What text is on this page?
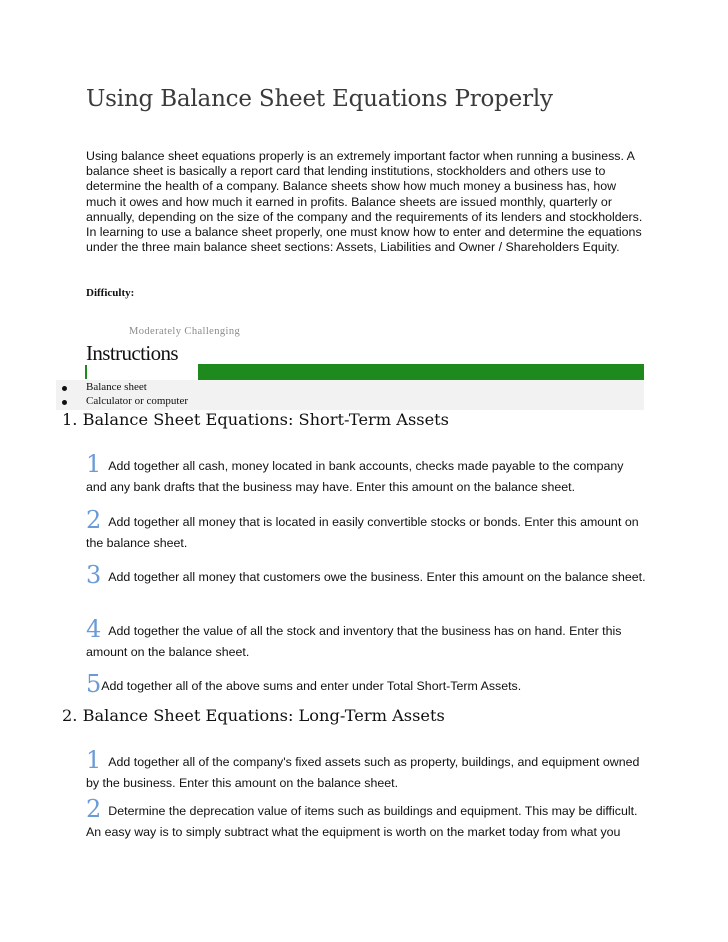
Using Balance Sheet Equations Properly

Using balance sheet equations properly is an extremely important factor when running a business. A balance sheet is basically a report card that lending institutions, stockholders and others use to determine the health of a company. Balance sheets show how much money a business has, how much it owes and how much it earned in profits. Balance sheets are issued monthly, quarterly or annually, depending on the size of the company and the requirements of its lenders and stockholders. In learning to use a balance sheet properly, one must know how to enter and determine the equations under the three main balance sheet sections: Assets, Liabilities and Owner / Shareholders Equity.

Difficulty:

Moderately Challenging
Instructions
Balance sheet
Calculator or computer
1. Balance Sheet Equations: Short-Term Assets

1 Add together all cash, money located in bank accounts, checks made payable to the company and any bank drafts that the business may have. Enter this amount on the balance sheet.

2 Add together all money that is located in easily convertible stocks or bonds. Enter this amount on the balance sheet.

3 Add together all money that customers owe the business. Enter this amount on the balance sheet.

4 Add together the value of all the stock and inventory that the business has on hand. Enter this amount on the balance sheet.

5Add together all of the above sums and enter under Total Short-Term Assets.

2. Balance Sheet Equations: Long-Term Assets

1 Add together all of the company's fixed assets such as property, buildings, and equipment owned by the business. Enter this amount on the balance sheet.

2 Determine the deprecation value of items such as buildings and equipment. This may be difficult. An easy way is to simply subtract what the equipment is worth on the market today from what you
